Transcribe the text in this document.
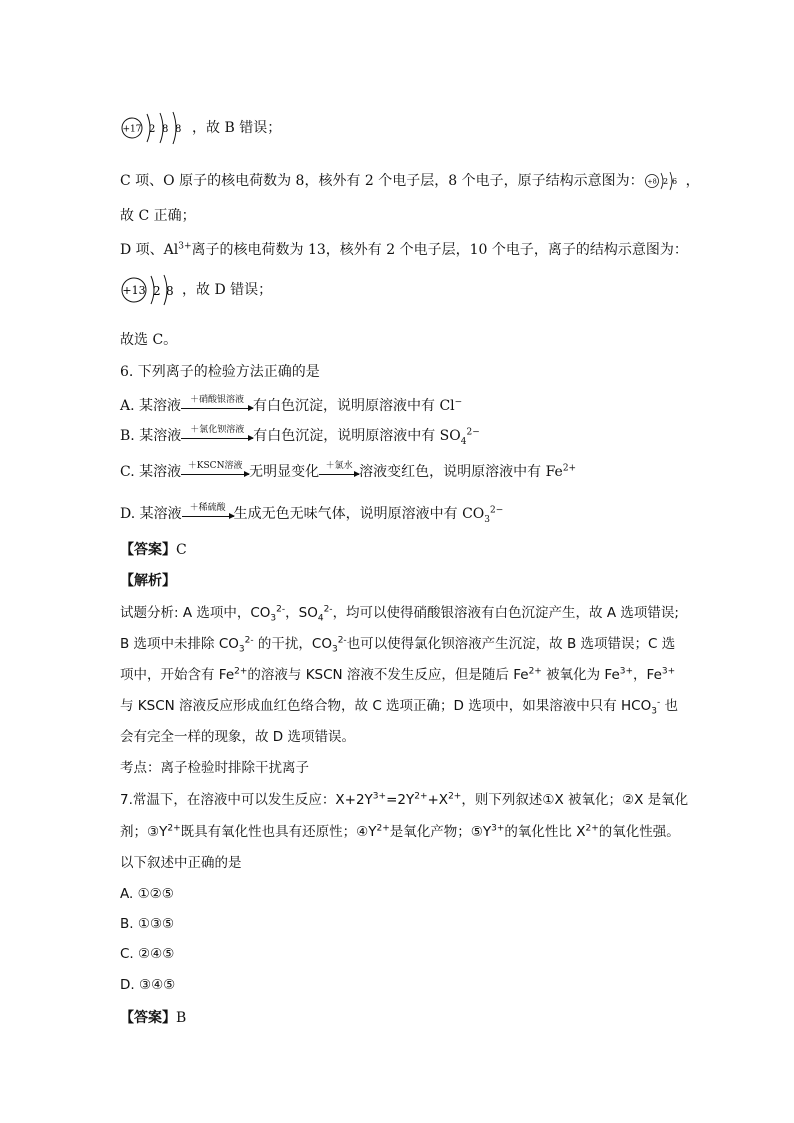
+17 2 8 8 ，故 B 错误；
C 项、O 原子的核电荷数为 8，核外有 2 个电子层，8 个电子，原子结构示意图为： +8 2 6 ，
故 C 正确；
D 项、$Al^{3+}$离子的核电荷数为 13，核外有 2 个电子层，10 个电子，离子的结构示意图为：
+13 2 8 ，故 D 错误；
故选 C。
6. 下列离子的检验方法正确的是
A. 某溶液 ＋硝酸银溶液 有白色沉淀，说明原溶液中有 Cl−
B. 某溶液 ＋氯化钡溶液 有白色沉淀，说明原溶液中有 $SO_4^{2-}$
C. 某溶液 ＋KSCN溶液 无明显变化 ＋氯水 溶液变红色，说明原溶液中有 $Fe^{2+}$
D. 某溶液 ＋稀硫酸 生成无色无味气体，说明原溶液中有 $CO_3^{2-}$
【答案】C
【解析】
试题分析: A 选项中，$CO_3^{2-}$，$SO_4^{2-}$，均可以使得硝酸银溶液有白色沉淀产生，故 A 选项错误;
B 选项中未排除 $CO_3^{2-}$ 的干扰，$CO_3^{2-}$也可以使得氯化钡溶液产生沉淀，故 B 选项错误；C 选
项中，开始含有 $Fe^{2+}$的溶液与 KSCN 溶液不发生反应，但是随后 $Fe^{2+}$ 被氧化为 $Fe^{3+}$，$Fe^{3+}$
与 KSCN 溶液反应形成血红色络合物，故 C 选项正确；D 选项中，如果溶液中只有 $HCO_3^-$ 也
会有完全一样的现象，故 D 选项错误。
考点：离子检验时排除干扰离子
7.常温下，在溶液中可以发生反应：$X+2Y^{3+}=2Y^{2+}+X^{2+}$，则下列叙述①X 被氧化；②X 是氧化
剂；$③Y^{2+}$既具有氧化性也具有还原性；$④Y^{2+}$是氧化产物；$⑤Y^{3+}$的氧化性比 $X^{2+}$的氧化性强。
以下叙述中正确的是
A. ①②⑤
B. ①③⑤
C. ②④⑤
D. ③④⑤
【答案】B
